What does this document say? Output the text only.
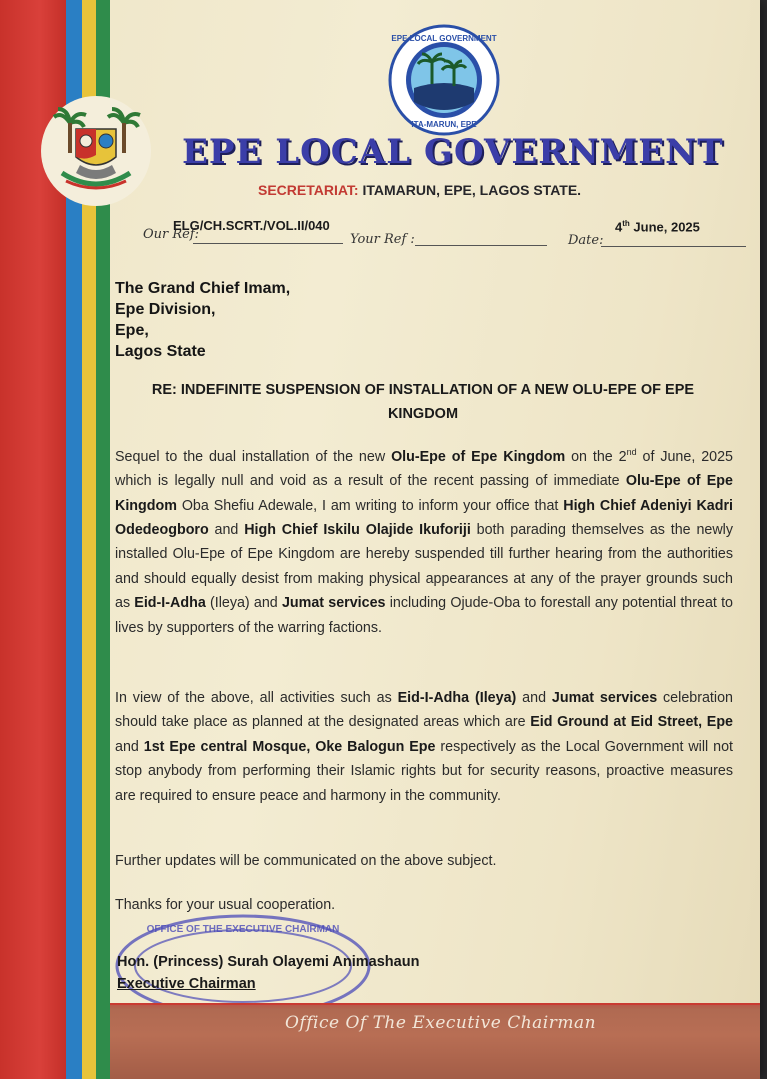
EPE LOCAL GOVERNMENT
ITA-MARUN, EPE
EPE LOCAL GOVERNMENT
SECRETARIAT: ITAMARUN, EPE, LAGOS STATE.
Our Ref:
ELG/CH.SCRT./VOL.II/040
Your Ref :	Date:
4th June, 2025
The Grand Chief Imam,
Epe Division,
Epe,
Lagos State
RE: INDEFINITE SUSPENSION OF INSTALLATION OF A NEW OLU-EPE OF EPE
KINGDOM
Sequel to the dual installation of the new Olu-Epe of Epe Kingdom on the 2nd of June, 2025 which is legally null and void as a result of the recent passing of immediate Olu-Epe of Epe Kingdom Oba Shefiu Adewale, I am writing to inform your office that High Chief Adeniyi Kadri Odedeogboro and High Chief Iskilu Olajide Ikuforiji both parading themselves as the newly installed Olu-Epe of Epe Kingdom are hereby suspended till further hearing from the authorities and should equally desist from making physical appearances at any of the prayer grounds such as Eid-I-Adha (Ileya) and Jumat services including Ojude-Oba to forestall any potential threat to lives by supporters of the warring factions.
In view of the above, all activities such as Eid-I-Adha (Ileya) and Jumat services celebration should take place as planned at the designated areas which are Eid Ground at Eid Street, Epe and 1st Epe central Mosque, Oke Balogun Epe respectively as the Local Government will not stop anybody from performing their Islamic rights but for security reasons, proactive measures are required to ensure peace and harmony in the community.
Further updates will be communicated on the above subject.
Thanks for your usual cooperation.
OFFICE OF THE EXECUTIVE CHAIRMAN
Hon. (Princess) Surah Olayemi Animashaun
Executive Chairman
Office Of The Executive Chairman
